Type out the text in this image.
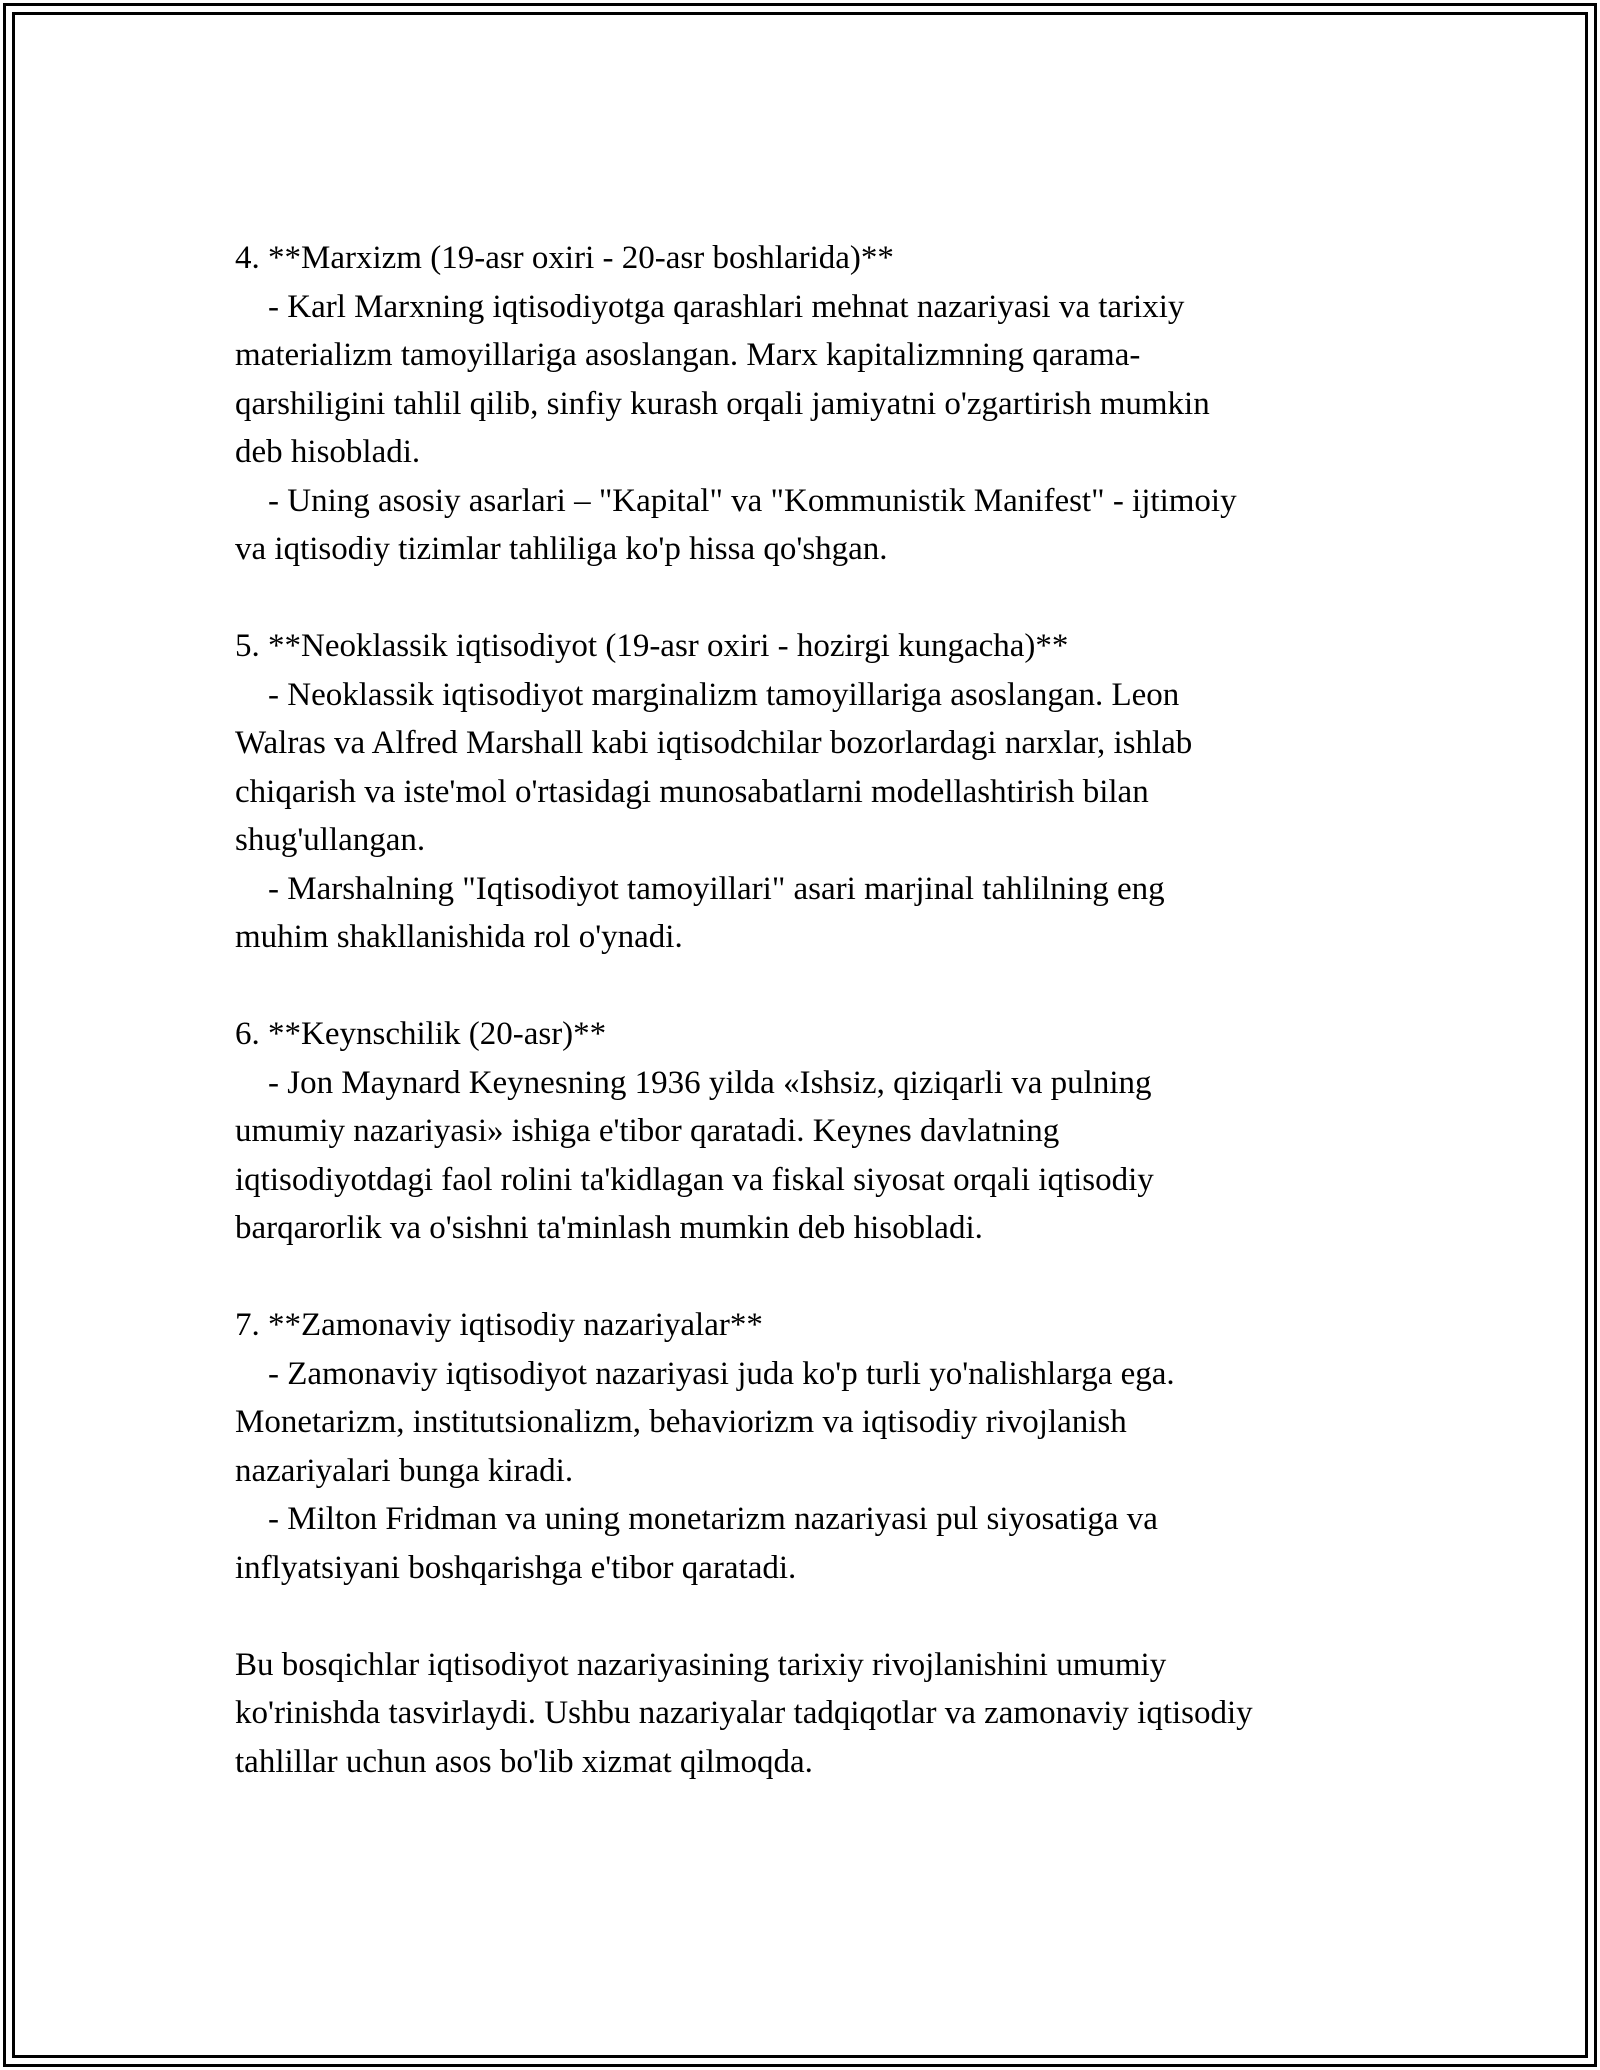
4. **Marxizm (19-asr oxiri - 20-asr boshlarida)**
- Karl Marxning iqtisodiyotga qarashlari mehnat nazariyasi va tarixiy
materializm tamoyillariga asoslangan. Marx kapitalizmning qarama-
qarshiligini tahlil qilib, sinfiy kurash orqali jamiyatni o'zgartirish mumkin
deb hisobladi.
- Uning asosiy asarlari – "Kapital" va "Kommunistik Manifest" - ijtimoiy
va iqtisodiy tizimlar tahliliga ko'p hissa qo'shgan.
5. **Neoklassik iqtisodiyot (19-asr oxiri - hozirgi kungacha)**
- Neoklassik iqtisodiyot marginalizm tamoyillariga asoslangan. Leon
Walras va Alfred Marshall kabi iqtisodchilar bozorlardagi narxlar, ishlab
chiqarish va iste'mol o'rtasidagi munosabatlarni modellashtirish bilan
shug'ullangan.
- Marshalning "Iqtisodiyot tamoyillari" asari marjinal tahlilning eng
muhim shakllanishida rol o'ynadi.
6. **Keynschilik (20-asr)**
- Jon Maynard Keynesning 1936 yilda «Ishsiz, qiziqarli va pulning
umumiy nazariyasi» ishiga e'tibor qaratadi. Keynes davlatning
iqtisodiyotdagi faol rolini ta'kidlagan va fiskal siyosat orqali iqtisodiy
barqarorlik va o'sishni ta'minlash mumkin deb hisobladi.
7. **Zamonaviy iqtisodiy nazariyalar**
- Zamonaviy iqtisodiyot nazariyasi juda ko'p turli yo'nalishlarga ega.
Monetarizm, institutsionalizm, behaviorizm va iqtisodiy rivojlanish
nazariyalari bunga kiradi.
- Milton Fridman va uning monetarizm nazariyasi pul siyosatiga va
inflyatsiyani boshqarishga e'tibor qaratadi.
Bu bosqichlar iqtisodiyot nazariyasining tarixiy rivojlanishini umumiy
ko'rinishda tasvirlaydi. Ushbu nazariyalar tadqiqotlar va zamonaviy iqtisodiy
tahlillar uchun asos bo'lib xizmat qilmoqda.
